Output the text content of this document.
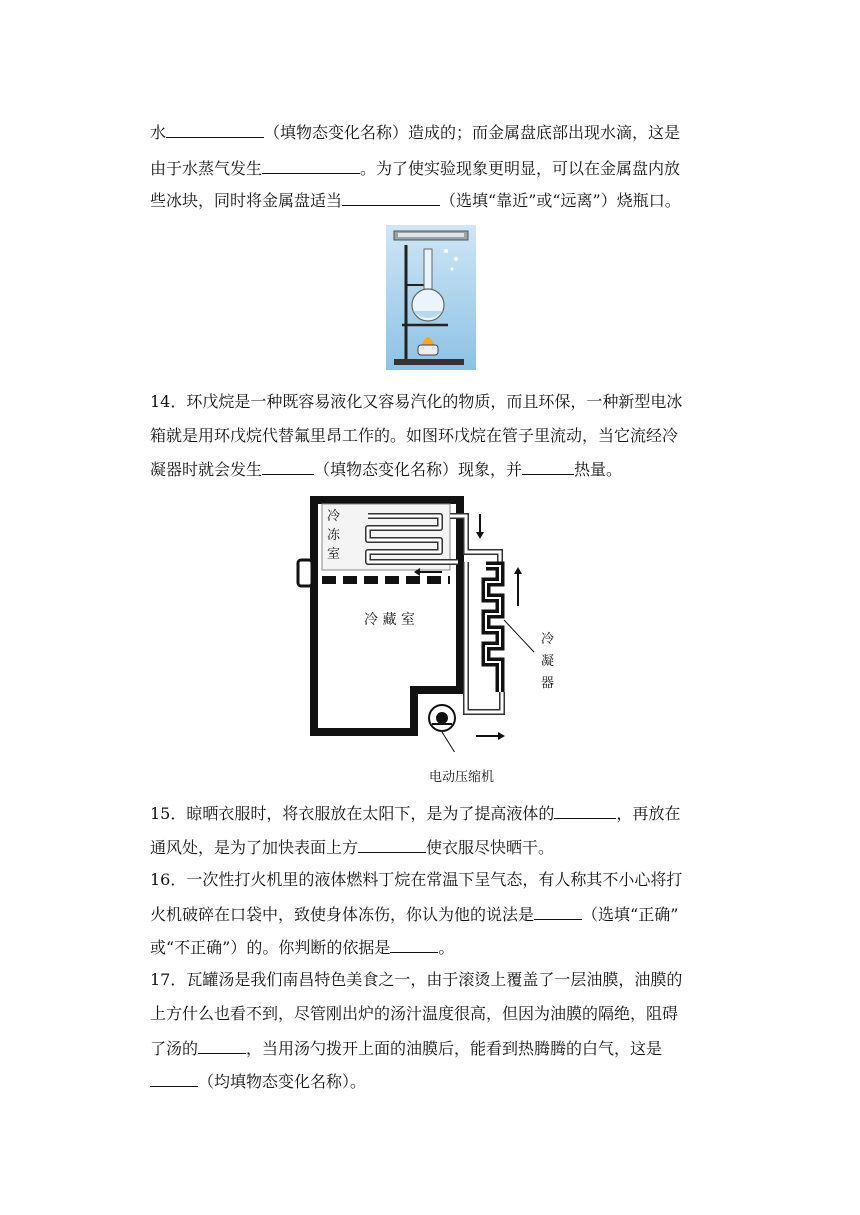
水	（填物态变化名称）造成的；而金属盘底部出现水滴，这是
由于水蒸气发生	。为了使实验现象更明显，可以在金属盘内放
些冰块，同时将金属盘适当	（选填“靠近”或“远离”）烧瓶口。
14．环戊烷是一种既容易液化又容易汽化的物质，而且环保，一种新型电冰
箱就是用环戊烷代替氟里昂工作的。如图环戊烷在管子里流动，当它流经冷
凝器时就会发生	（填物态变化名称）现象，并	热量。
冷
冻
室
冷 藏 室
冷
凝
器
电动压缩机
15．晾晒衣服时，将衣服放在太阳下，是为了提高液体的	，再放在
通风处，是为了加快表面上方	使衣服尽快晒干。
16．一次性打火机里的液体燃料丁烷在常温下呈气态，有人称其不小心将打
火机破碎在口袋中，致使身体冻伤，你认为他的说法是	（选填“正确”
或“不正确”）的。你判断的依据是	。
17．瓦罐汤是我们南昌特色美食之一，由于滚烫上覆盖了一层油膜，油膜的
上方什么也看不到，尽管刚出炉的汤汁温度很高，但因为油膜的隔绝，阻碍
了汤的	，当用汤勺拨开上面的油膜后，能看到热腾腾的白气，这是
（均填物态变化名称）。
